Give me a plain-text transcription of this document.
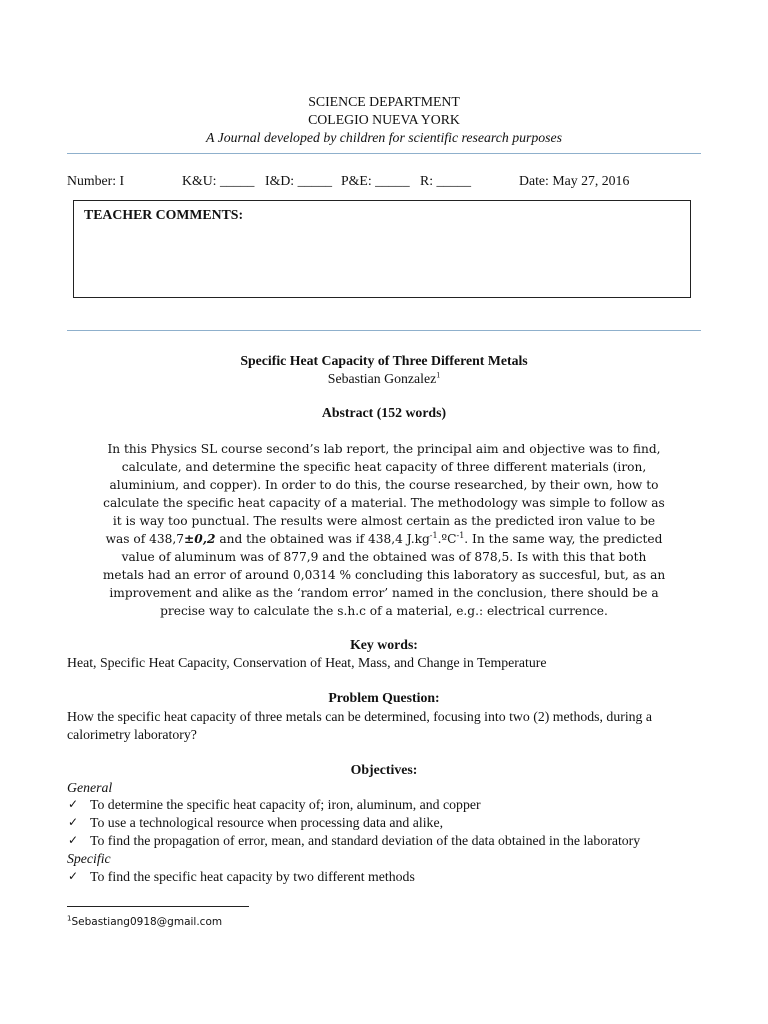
SCIENCE DEPARTMENT
COLEGIO NUEVA YORK
A Journal developed by children for scientific research purposes
Number: I	K&U: _____ I&D: _____ P&E: _____ R: _____	Date: May 27, 2016
TEACHER COMMENTS:
Specific Heat Capacity of Three Different Metals
Sebastian Gonzalez$^1$
Abstract (152 words)
In this Physics SL course second’s lab report, the principal aim and objective was to find, calculate, and determine the specific heat capacity of three different materials (iron, aluminium, and copper). In order to do this, the course researched, by their own, how to calculate the specific heat capacity of a material. The methodology was simple to follow as it is way too punctual. The results were almost certain as the predicted iron value to be was of 438,7±0,2 and the obtained was if 438,4 $J.kg^{-1}.ºC^{-1}$. In the same way, the predicted value of aluminum was of 877,9 and the obtained was of 878,5. Is with this that both metals had an error of around 0,0314 % concluding this laboratory as succesful, but, as an improvement and alike as the ‘random error’ named in the conclusion, there should be a precise way to calculate the s.h.c of a material, e.g.: electrical currence.
Key words:
Heat, Specific Heat Capacity, Conservation of Heat, Mass, and Change in Temperature
Problem Question:
How the specific heat capacity of three metals can be determined, focusing into two (2) methods, during a calorimetry laboratory?
Objectives:
General
✓ To determine the specific heat capacity of; iron, aluminum, and copper
✓ To use a technological resource when processing data and alike,
✓ To find the propagation of error, mean, and standard deviation of the data obtained in the laboratory
Specific
✓ To find the specific heat capacity by two different methods
$^1$Sebastiang0918@gmail.com
